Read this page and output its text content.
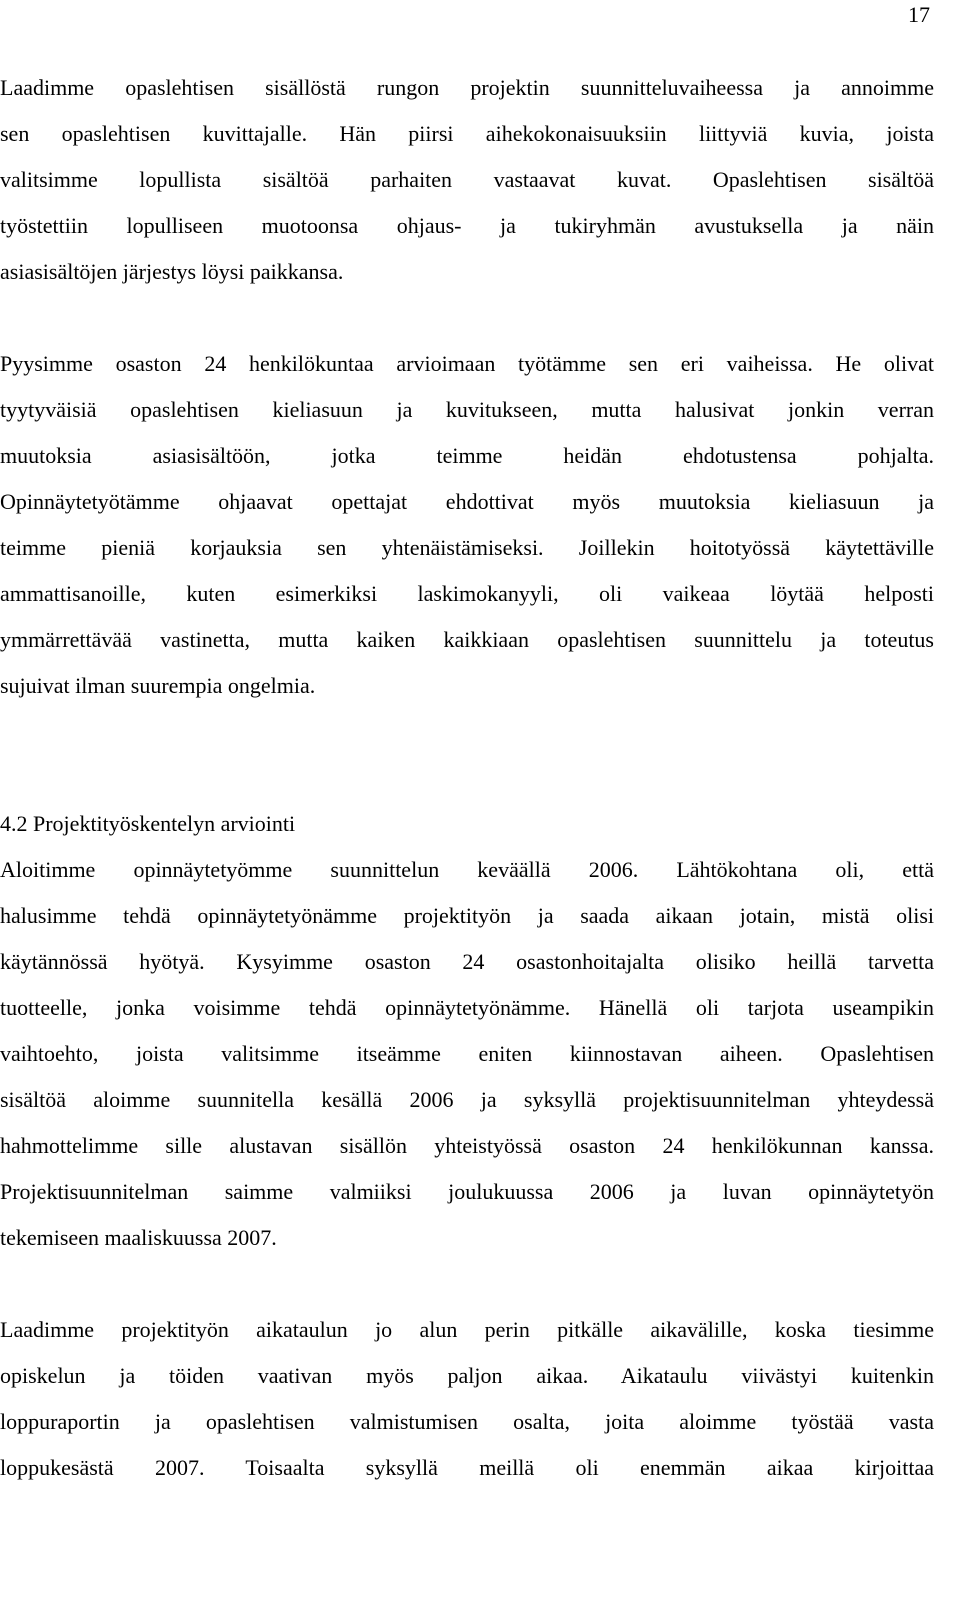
17
Laadimme opaslehtisen sisällöstä rungon projektin suunnitteluvaiheessa ja annoimme
sen opaslehtisen kuvittajalle. Hän piirsi aihekokonaisuuksiin liittyviä kuvia, joista
valitsimme lopullista sisältöä parhaiten vastaavat kuvat. Opaslehtisen sisältöä
työstettiin lopulliseen muotoonsa ohjaus- ja tukiryhmän avustuksella ja näin
asiasisältöjen järjestys löysi paikkansa.
Pyysimme osaston 24 henkilökuntaa arvioimaan työtämme sen eri vaiheissa. He olivat
tyytyväisiä opaslehtisen kieliasuun ja kuvitukseen, mutta halusivat jonkin verran
muutoksia asiasisältöön, jotka teimme heidän ehdotustensa pohjalta.
Opinnäytetyötämme ohjaavat opettajat ehdottivat myös muutoksia kieliasuun ja
teimme pieniä korjauksia sen yhtenäistämiseksi. Joillekin hoitotyössä käytettäville
ammattisanoille, kuten esimerkiksi laskimokanyyli, oli vaikeaa löytää helposti
ymmärrettävää vastinetta, mutta kaiken kaikkiaan opaslehtisen suunnittelu ja toteutus
sujuivat ilman suurempia ongelmia.
4.2 Projektityöskentelyn arviointi
Aloitimme opinnäytetyömme suunnittelun keväällä 2006. Lähtökohtana oli, että
halusimme tehdä opinnäytetyönämme projektityön ja saada aikaan jotain, mistä olisi
käytännössä hyötyä. Kysyimme osaston 24 osastonhoitajalta olisiko heillä tarvetta
tuotteelle, jonka voisimme tehdä opinnäytetyönämme. Hänellä oli tarjota useampikin
vaihtoehto, joista valitsimme itseämme eniten kiinnostavan aiheen. Opaslehtisen
sisältöä aloimme suunnitella kesällä 2006 ja syksyllä projektisuunnitelman yhteydessä
hahmottelimme sille alustavan sisällön yhteistyössä osaston 24 henkilökunnan kanssa.
Projektisuunnitelman saimme valmiiksi joulukuussa 2006 ja luvan opinnäytetyön
tekemiseen maaliskuussa 2007.
Laadimme projektityön aikataulun jo alun perin pitkälle aikavälille, koska tiesimme
opiskelun ja töiden vaativan myös paljon aikaa. Aikataulu viivästyi kuitenkin
loppuraportin ja opaslehtisen valmistumisen osalta, joita aloimme työstää vasta
loppukesästä 2007. Toisaalta syksyllä meillä oli enemmän aikaa kirjoittaa
